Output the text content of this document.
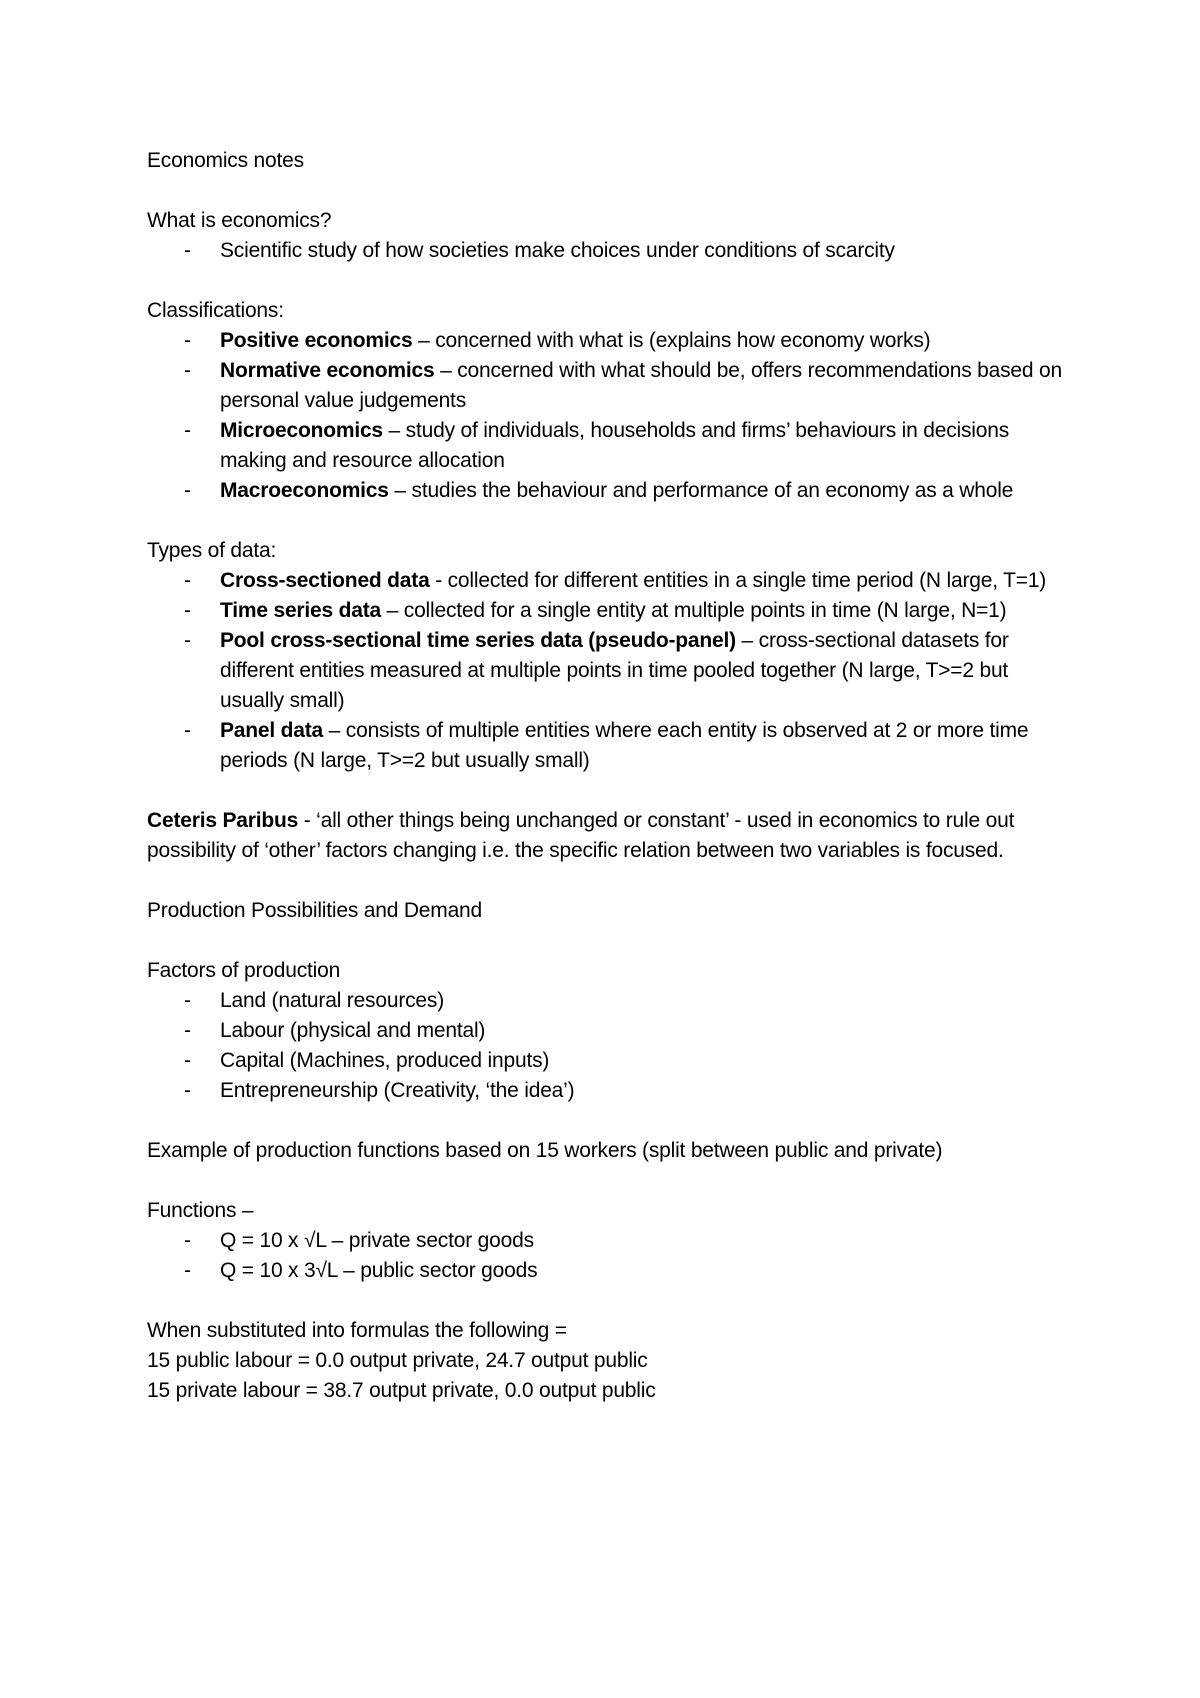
Economics notes

What is economics?

- Scientific study of how societies make choices under conditions of scarcity

Classifications:

- Positive economics – concerned with what is (explains how economy works)
- Normative economics – concerned with what should be, offers recommendations based on personal value judgements
- Microeconomics – study of individuals, households and firms’ behaviours in decisions making and resource allocation
- Macroeconomics – studies the behaviour and performance of an economy as a whole

Types of data:

- Cross-sectioned data - collected for different entities in a single time period (N large, T=1)
- Time series data – collected for a single entity at multiple points in time (N large, N=1)
- Pool cross-sectional time series data (pseudo-panel) – cross-sectional datasets for different entities measured at multiple points in time pooled together (N large, T>=2 but usually small)
- Panel data – consists of multiple entities where each entity is observed at 2 or more time periods (N large, T>=2 but usually small)

Ceteris Paribus - ‘all other things being unchanged or constant’ - used in economics to rule out possibility of ‘other’ factors changing i.e. the specific relation between two variables is focused.

Production Possibilities and Demand

Factors of production

- Land (natural resources)
- Labour (physical and mental)
- Capital (Machines, produced inputs)
- Entrepreneurship (Creativity, ‘the idea’)

Example of production functions based on 15 workers (split between public and private)

Functions –

- Q = 10 x √L – private sector goods
- Q = 10 x 3√L – public sector goods

When substituted into formulas the following =

15 public labour = 0.0 output private, 24.7 output public

15 private labour = 38.7 output private, 0.0 output public
